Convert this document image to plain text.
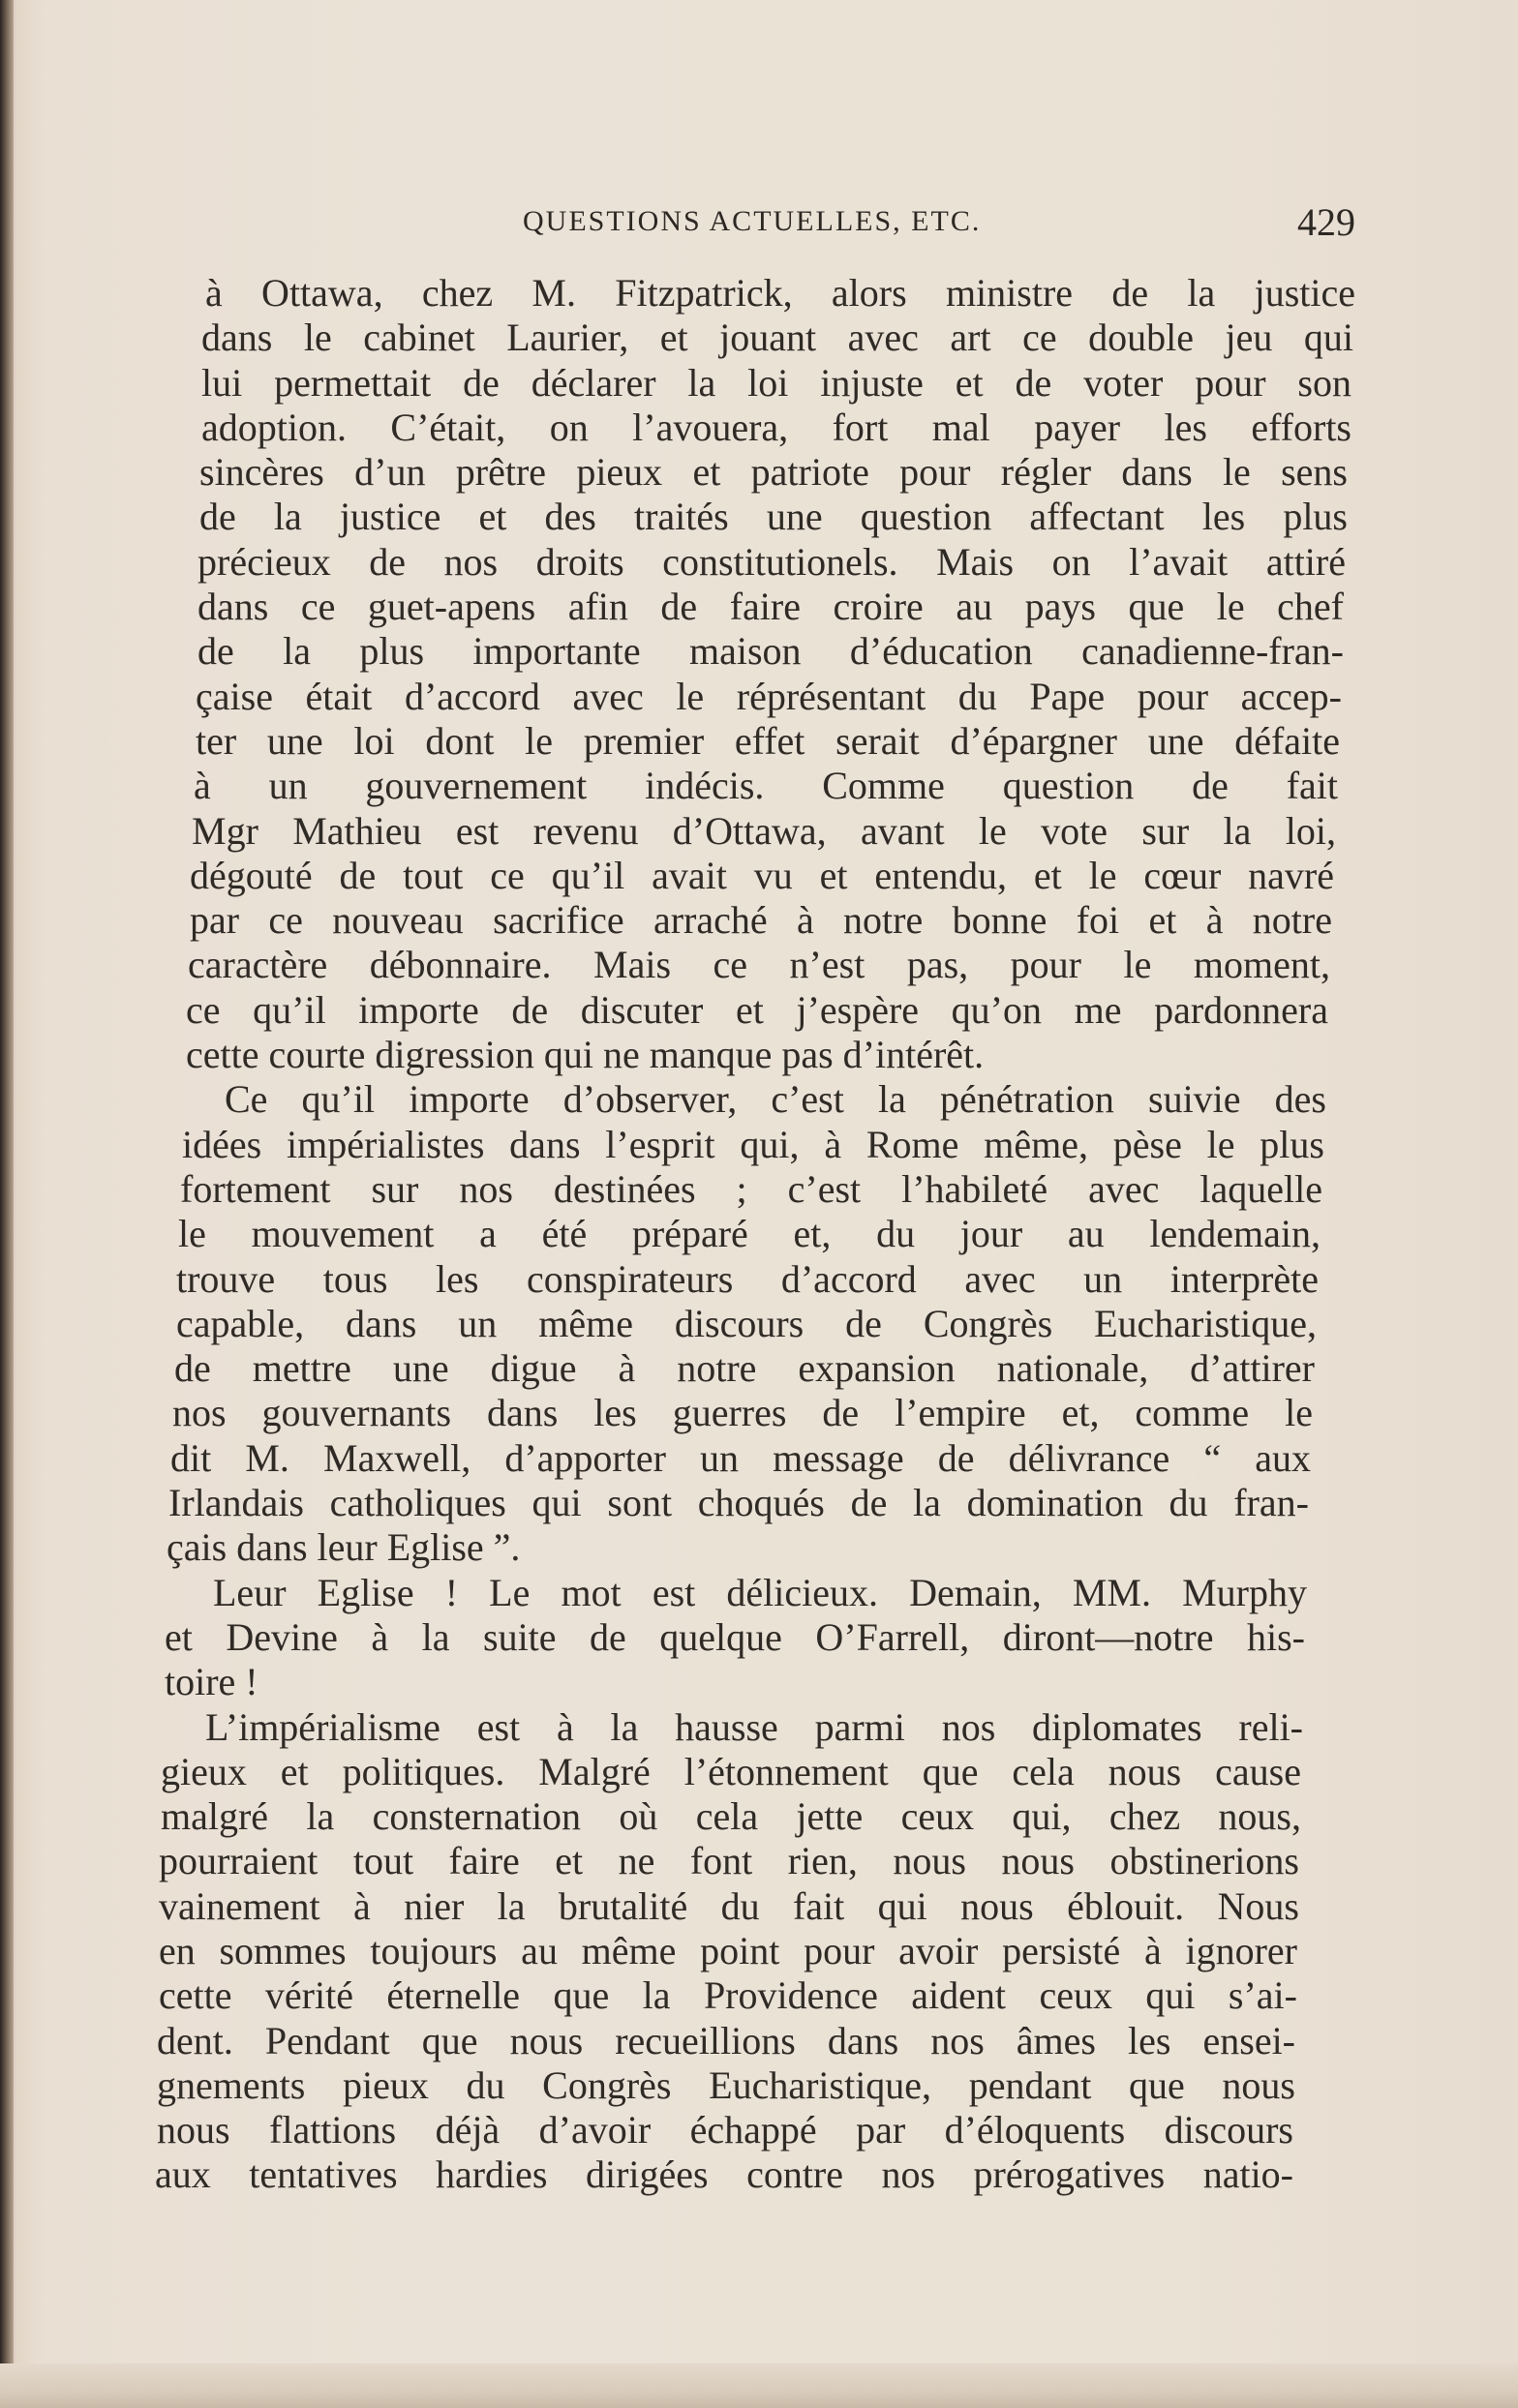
QUESTIONS ACTUELLES, ETC.	429
à Ottawa, chez M. Fitzpatrick, alors ministre de la justice
dans le cabinet Laurier, et jouant avec art ce double jeu qui
lui permettait de déclarer la loi injuste et de voter pour son
adoption. C’était, on l’avouera, fort mal payer les efforts
sincères d’un prêtre pieux et patriote pour régler dans le sens
de la justice et des traités une question affectant les plus
précieux de nos droits constitutionels. Mais on l’avait attiré
dans ce guet-apens afin de faire croire au pays que le chef
de la plus importante maison d’éducation canadienne-fran-
çaise était d’accord avec le réprésentant du Pape pour accep-
ter une loi dont le premier effet serait d’épargner une défaite
à un gouvernement indécis. Comme question de fait
Mgr Mathieu est revenu d’Ottawa, avant le vote sur la loi,
dégouté de tout ce qu’il avait vu et entendu, et le cœur navré
par ce nouveau sacrifice arraché à notre bonne foi et à notre
caractère débonnaire. Mais ce n’est pas, pour le moment,
ce qu’il importe de discuter et j’espère qu’on me pardonnera
cette courte digression qui ne manque pas d’intérêt.
Ce qu’il importe d’observer, c’est la pénétration suivie des
idées impérialistes dans l’esprit qui, à Rome même, pèse le plus
fortement sur nos destinées ; c’est l’habileté avec laquelle
le mouvement a été préparé et, du jour au lendemain,
trouve tous les conspirateurs d’accord avec un interprète
capable, dans un même discours de Congrès Eucharistique,
de mettre une digue à notre expansion nationale, d’attirer
nos gouvernants dans les guerres de l’empire et, comme le
dit M. Maxwell, d’apporter un message de délivrance “ aux
Irlandais catholiques qui sont choqués de la domination du fran-
çais dans leur Eglise ”.
Leur Eglise ! Le mot est délicieux. Demain, MM. Murphy
et Devine à la suite de quelque O’Farrell, diront—notre his-
toire !
L’impérialisme est à la hausse parmi nos diplomates reli-
gieux et politiques. Malgré l’étonnement que cela nous cause
malgré la consternation où cela jette ceux qui, chez nous,
pourraient tout faire et ne font rien, nous nous obstinerions
vainement à nier la brutalité du fait qui nous éblouit. Nous
en sommes toujours au même point pour avoir persisté à ignorer
cette vérité éternelle que la Providence aident ceux qui s’ai-
dent. Pendant que nous recueillions dans nos âmes les ensei-
gnements pieux du Congrès Eucharistique, pendant que nous
nous flattions déjà d’avoir échappé par d’éloquents discours
aux tentatives hardies dirigées contre nos prérogatives natio-
